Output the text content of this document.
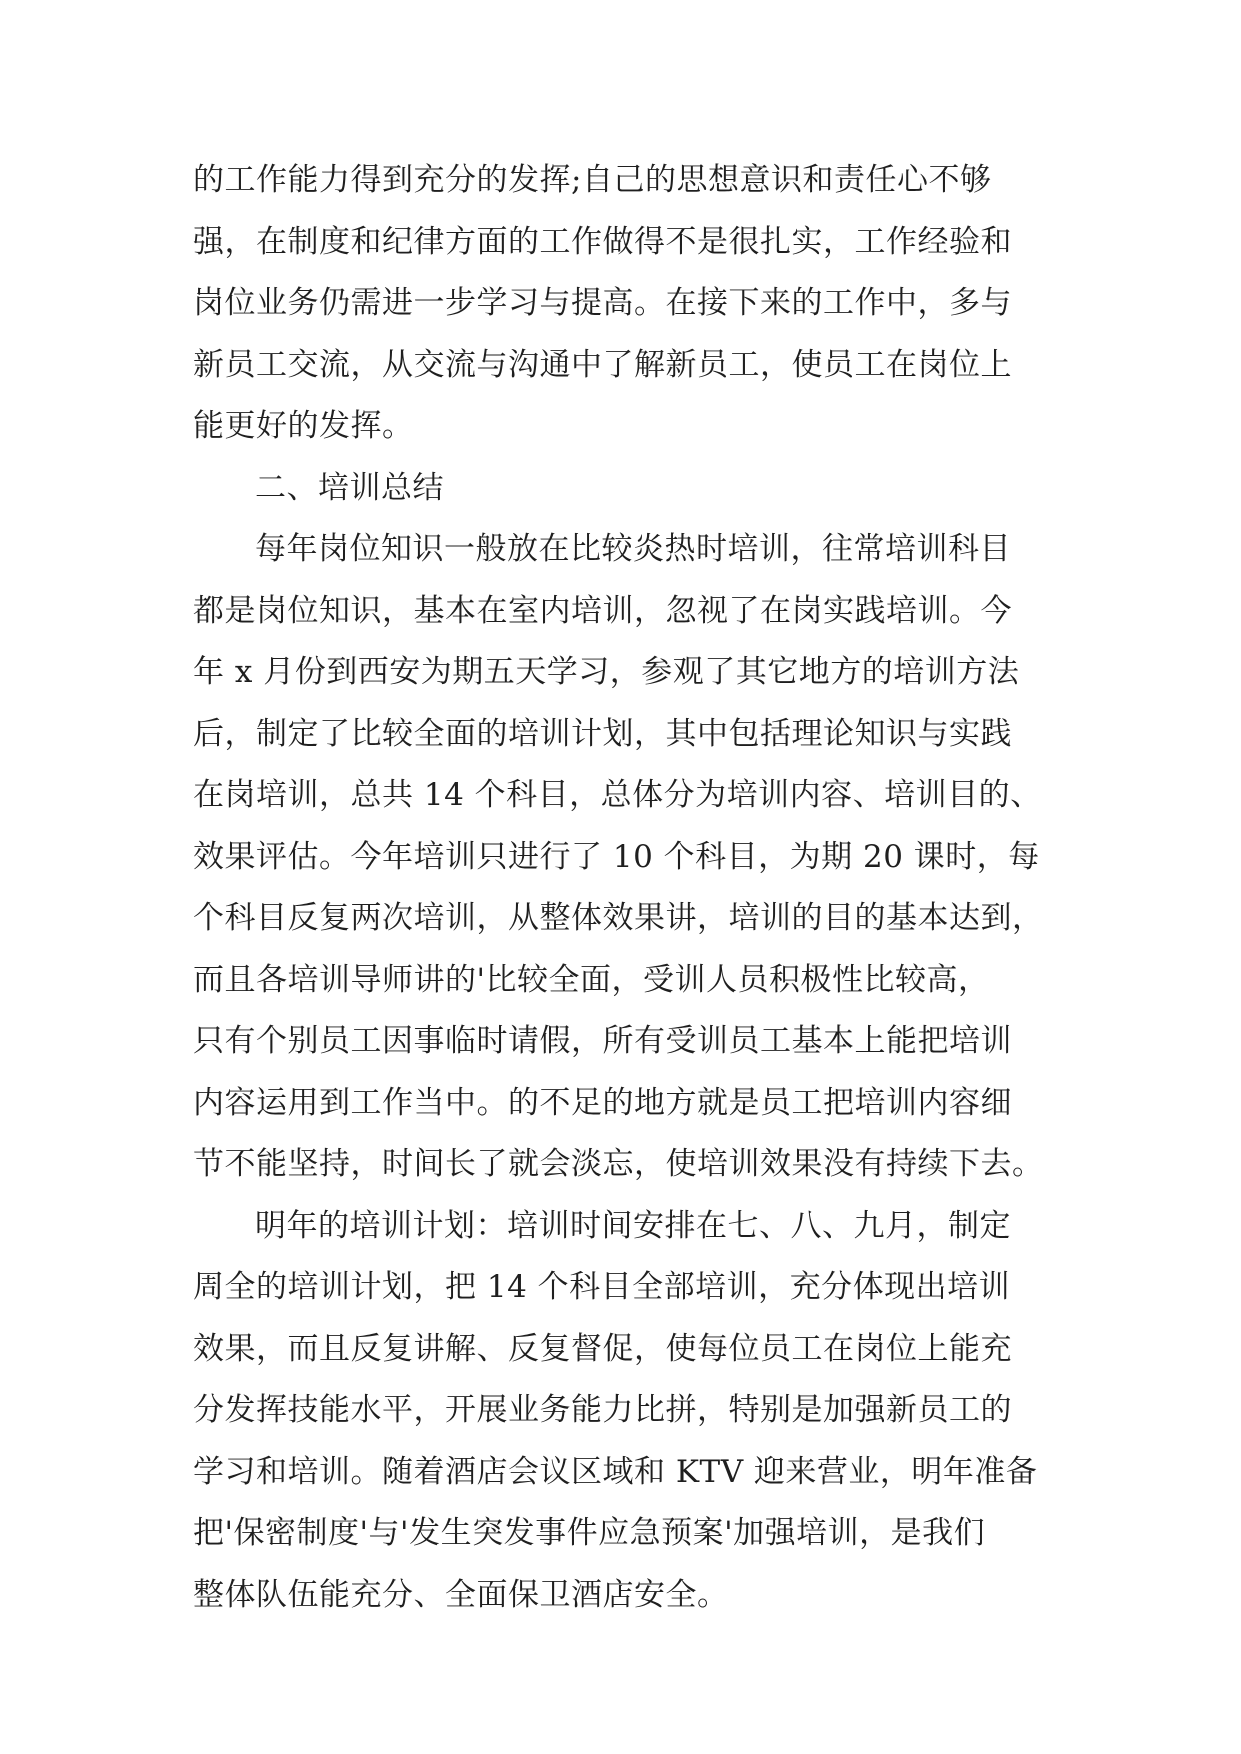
的工作能力得到充分的发挥;自己的思想意识和责任心不够
强，在制度和纪律方面的工作做得不是很扎实，工作经验和
岗位业务仍需进一步学习与提高。在接下来的工作中，多与
新员工交流，从交流与沟通中了解新员工，使员工在岗位上
能更好的发挥。
二、培训总结
每年岗位知识一般放在比较炎热时培训，往常培训科目
都是岗位知识，基本在室内培训，忽视了在岗实践培训。今
年 x 月份到西安为期五天学习，参观了其它地方的培训方法
后，制定了比较全面的培训计划，其中包括理论知识与实践
在岗培训，总共 14 个科目，总体分为培训内容、培训目的、
效果评估。今年培训只进行了 10 个科目，为期 20 课时，每
个科目反复两次培训，从整体效果讲，培训的目的基本达到，
而且各培训导师讲的'比较全面，受训人员积极性比较高，
只有个别员工因事临时请假，所有受训员工基本上能把培训
内容运用到工作当中。的不足的地方就是员工把培训内容细
节不能坚持，时间长了就会淡忘，使培训效果没有持续下去。
明年的培训计划：培训时间安排在七、八、九月，制定
周全的培训计划，把 14 个科目全部培训，充分体现出培训
效果，而且反复讲解、反复督促，使每位员工在岗位上能充
分发挥技能水平，开展业务能力比拼，特别是加强新员工的
学习和培训。随着酒店会议区域和 KTV 迎来营业，明年准备
把'保密制度'与'发生突发事件应急预案'加强培训，是我们
整体队伍能充分、全面保卫酒店安全。
